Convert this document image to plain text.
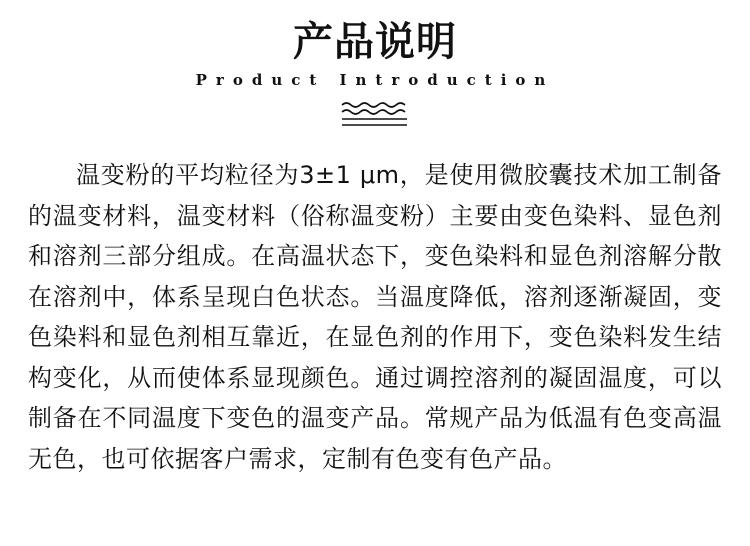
产品说明
Product Introduction

温变粉的平均粒径为3±1 μm，是使用微胶囊技术加工制备的温变材料，温变材料（俗称温变粉）主要由变色染料、显色剂和溶剂三部分组成。在高温状态下，变色染料和显色剂溶解分散在溶剂中，体系呈现白色状态。当温度降低，溶剂逐渐凝固，变色染料和显色剂相互靠近，在显色剂的作用下，变色染料发生结构变化，从而使体系显现颜色。通过调控溶剂的凝固温度，可以制备在不同温度下变色的温变产品。常规产品为低温有色变高温无色，也可依据客户需求，定制有色变有色产品。
